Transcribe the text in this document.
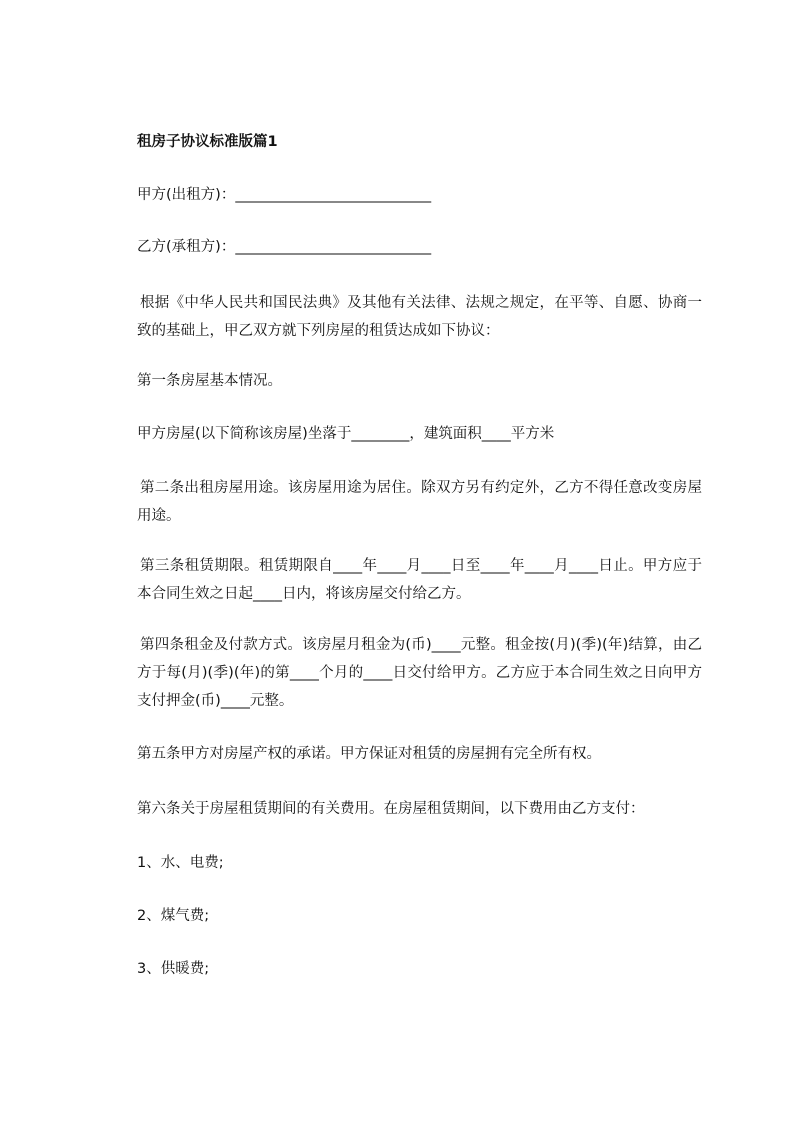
租房子协议标准版篇1
甲方(出租方)：___________________________
乙方(承租方)：___________________________
根据《中华人民共和国民法典》及其他有关法律、法规之规定，在平等、自愿、协商一致的基础上，甲乙双方就下列房屋的租赁达成如下协议：
第一条房屋基本情况。
甲方房屋(以下简称该房屋)坐落于________，建筑面积____平方米
第二条出租房屋用途。该房屋用途为居住。除双方另有约定外，乙方不得任意改变房屋用途。
第三条租赁期限。租赁期限自____年____月____日至____年____月____日止。甲方应于本合同生效之日起____日内，将该房屋交付给乙方。
第四条租金及付款方式。该房屋月租金为(币)____元整。租金按(月)(季)(年)结算，由乙方于每(月)(季)(年)的第____个月的____日交付给甲方。乙方应于本合同生效之日向甲方支付押金(币)____元整。
第五条甲方对房屋产权的承诺。甲方保证对租赁的房屋拥有完全所有权。
第六条关于房屋租赁期间的有关费用。在房屋租赁期间，以下费用由乙方支付：
1、水、电费;
2、煤气费;
3、供暖费;
